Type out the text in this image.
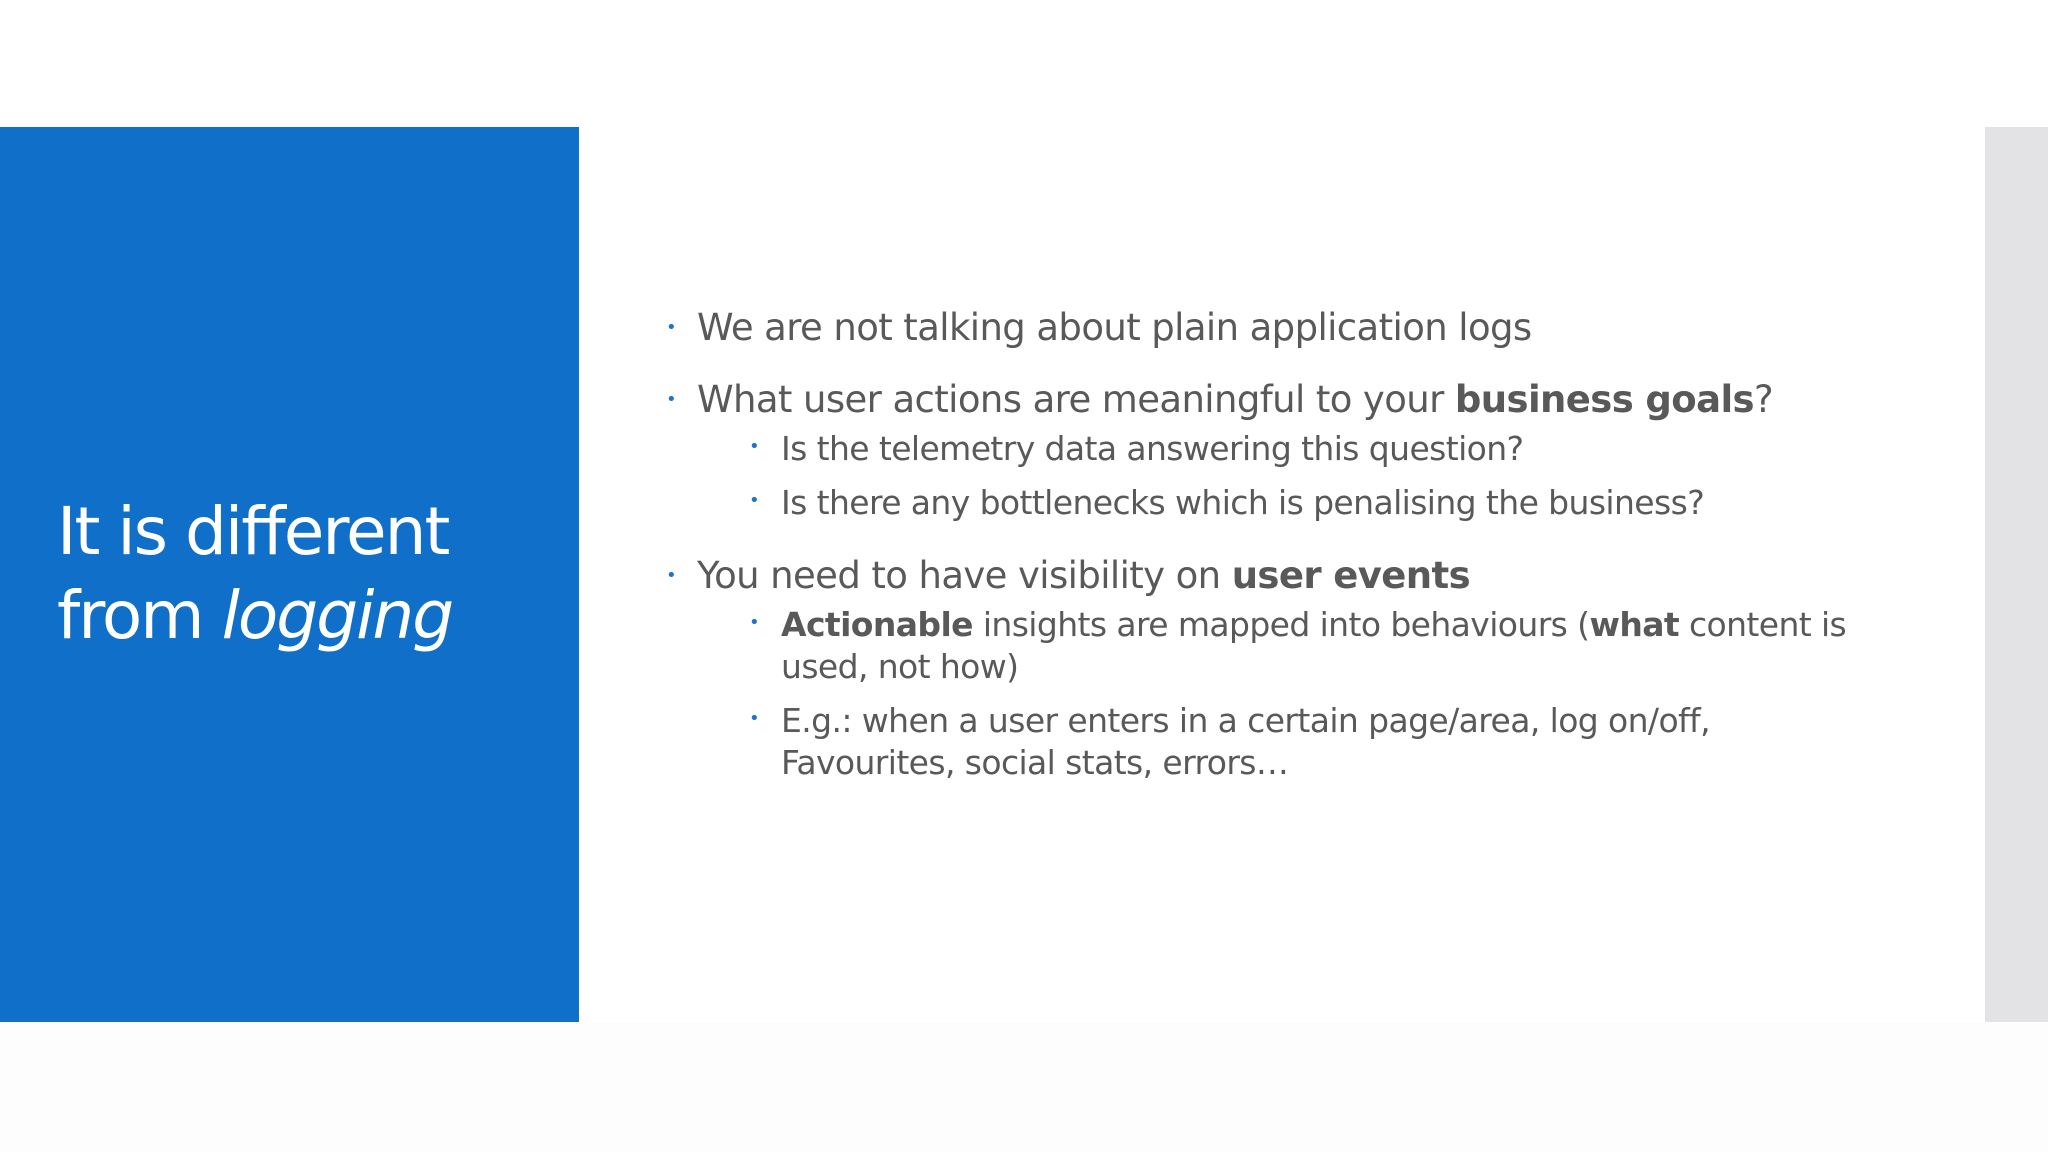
It is different
from logging
• We are not talking about plain application logs
• What user actions are meaningful to your business goals?
• Is the telemetry data answering this question?
• Is there any bottlenecks which is penalising the business?
• You need to have visibility on user events
• Actionable insights are mapped into behaviours (what content is used, not how)
• E.g.: when a user enters in a certain page/area, log on/off, Favourites, social stats, errors…
